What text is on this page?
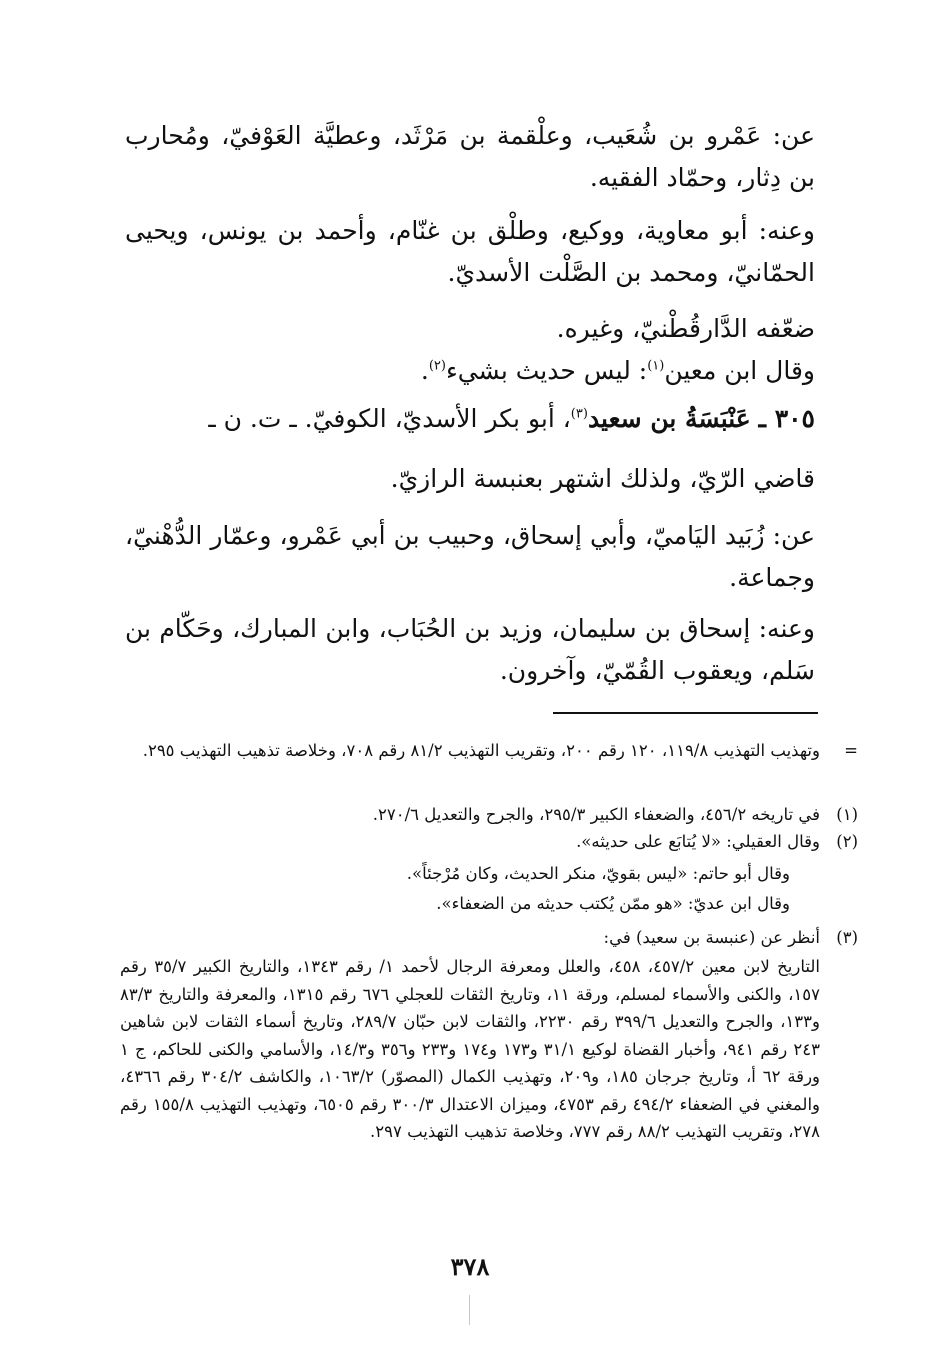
عن: عَمْرو بن شُعَيب، وعلْقمة بن مَرْثَد، وعطيَّة العَوْفيّ، ومُحارب بن دِثار، وحمّاد الفقيه.

وعنه: أبو معاوية، ووكيع، وطلْق بن غنّام، وأحمد بن يونس، ويحيى الحمّانيّ، ومحمد بن الصَّلْت الأسديّ.

ضعّفه الدَّارقُطْنيّ، وغيره.

وقال ابن معين$^{(١)}$: ليس حديث بشيء$^{(٢)}$.

٣٠٥ ـ عَنْبَسَةُ بن سعيد$^{(٣)}$، أبو بكر الأسديّ، الكوفيّ. ـ ت. ن ـ

قاضي الرّيّ، ولذلك اشتهر بعنبسة الرازيّ.

عن: زُبَيد اليَاميّ، وأبي إسحاق، وحبيب بن أبي عَمْرو، وعمّار الدُّهْنيّ، وجماعة.

وعنه: إسحاق بن سليمان، وزيد بن الحُبَاب، وابن المبارك، وحَكّام بن سَلم، ويعقوب القُمّيّ، وآخرون.

=
وتهذيب التهذيب ١١٩/٨، ١٢٠ رقم ٢٠٠، وتقريب التهذيب ٨١/٢ رقم ٧٠٨، وخلاصة تذهيب التهذيب ٢٩٥.
(١)
في تاريخه ٤٥٦/٢، والضعفاء الكبير ٢٩٥/٣، والجرح والتعديل ٢٧٠/٦.
(٢)
وقال العقيلي: «لا يُتابَع على حديثه».
وقال أبو حاتم: «ليس بقويّ، منكر الحديث، وكان مُرْجئاً».
وقال ابن عديّ: «هو ممّن يُكتب حديثه من الضعفاء».
(٣)
أنظر عن (عنبسة بن سعيد) في:
التاريخ لابن معين ٤٥٧/٢، ٤٥٨، والعلل ومعرفة الرجال لأحمد ١/ رقم ١٣٤٣، والتاريخ الكبير ٣٥/٧ رقم ١٥٧، والكنى والأسماء لمسلم، ورقة ١١، وتاريخ الثقات للعجلي ٦٧٦ رقم ١٣١٥، والمعرفة والتاريخ ٨٣/٣ و١٣٣، والجرح والتعديل ٣٩٩/٦ رقم ٢٢٣٠، والثقات لابن حبّان ٢٨٩/٧، وتاريخ أسماء الثقات لابن شاهين ٢٤٣ رقم ٩٤١، وأخبار القضاة لوكيع ٣١/١ و١٧٣ و١٧٤ و٢٣٣ و٣٥٦ و١٤/٣، والأسامي والكنى للحاكم، ج ١ ورقة ٦٢ أ، وتاريخ جرجان ١٨٥، و٢٠٩، وتهذيب الكمال (المصوّر) ١٠٦٣/٢، والكاشف ٣٠٤/٢ رقم ٤٣٦٦، والمغني في الضعفاء ٤٩٤/٢ رقم ٤٧٥٣، وميزان الاعتدال ٣٠٠/٣ رقم ٦٥٠٥، وتهذيب التهذيب ١٥٥/٨ رقم ٢٧٨، وتقريب التهذيب ٨٨/٢ رقم ٧٧٧، وخلاصة تذهيب التهذيب ٢٩٧.
٣٧٨
